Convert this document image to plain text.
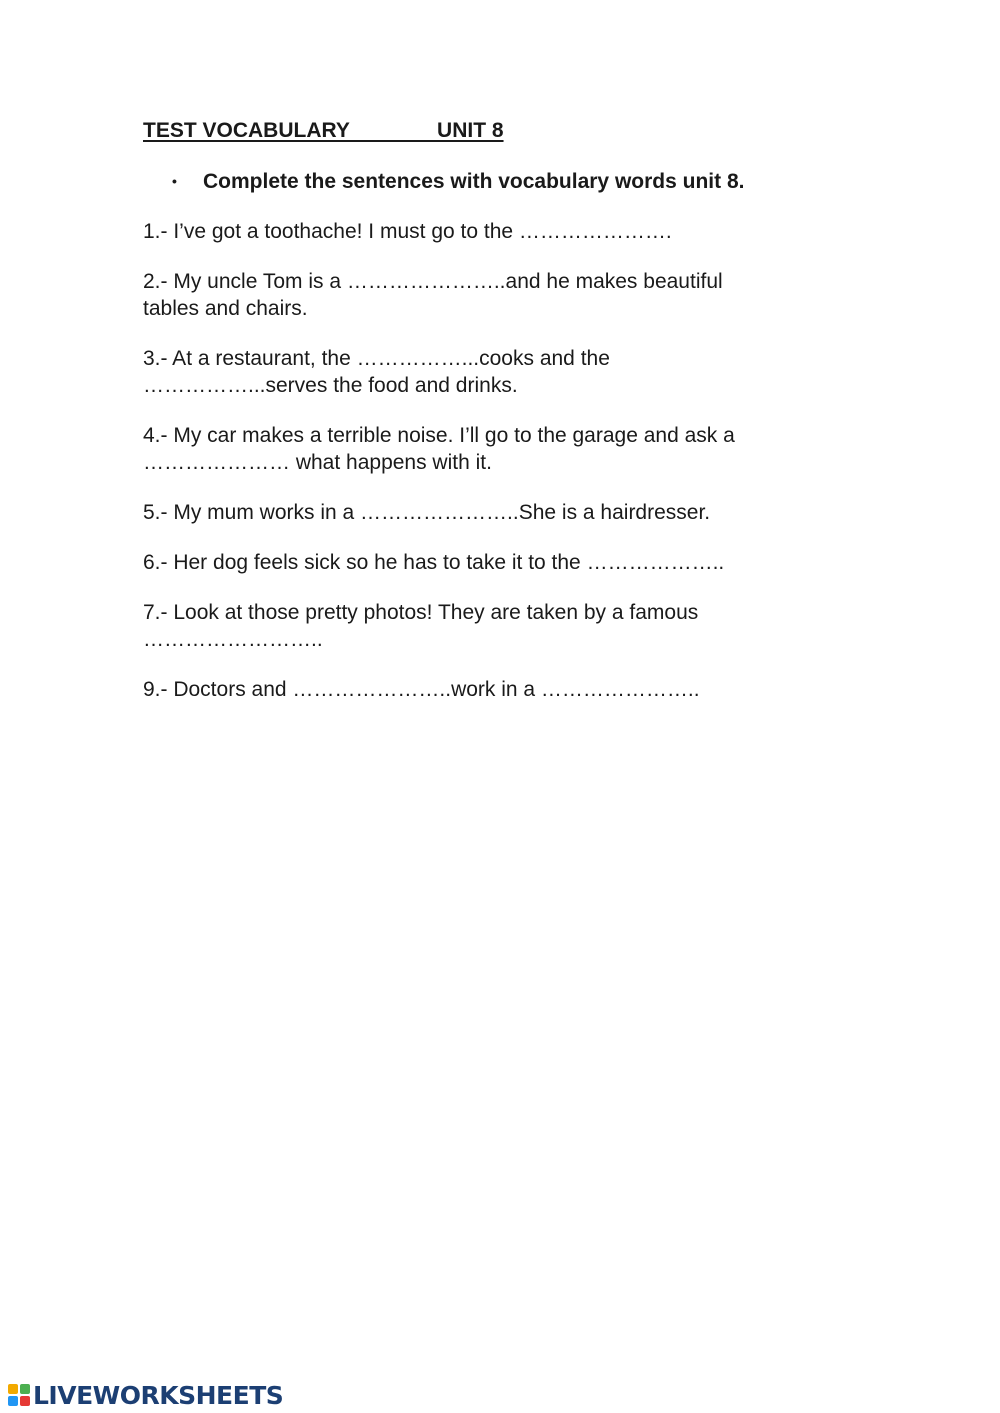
TEST VOCABULARY               UNIT 8
• Complete the sentences with vocabulary words unit 8.

1.- I’ve got a toothache! I must go to the ………………….

2.- My uncle Tom is a …………………..and he makes beautiful
tables and chairs.

3.- At a restaurant, the ……………...cooks and the
……………...serves the food and drinks.

4.- My car makes a terrible noise. I’ll go to the garage and ask a
………………… what happens with it.

5.- My mum works in a …………………..She is a hairdresser.

6.- Her dog feels sick so he has to take it to the ………………..

7.- Look at those pretty photos! They are taken by a famous
……………………..

9.- Doctors and …………………..work in a …………………..

LIVEWORKSHEETS
